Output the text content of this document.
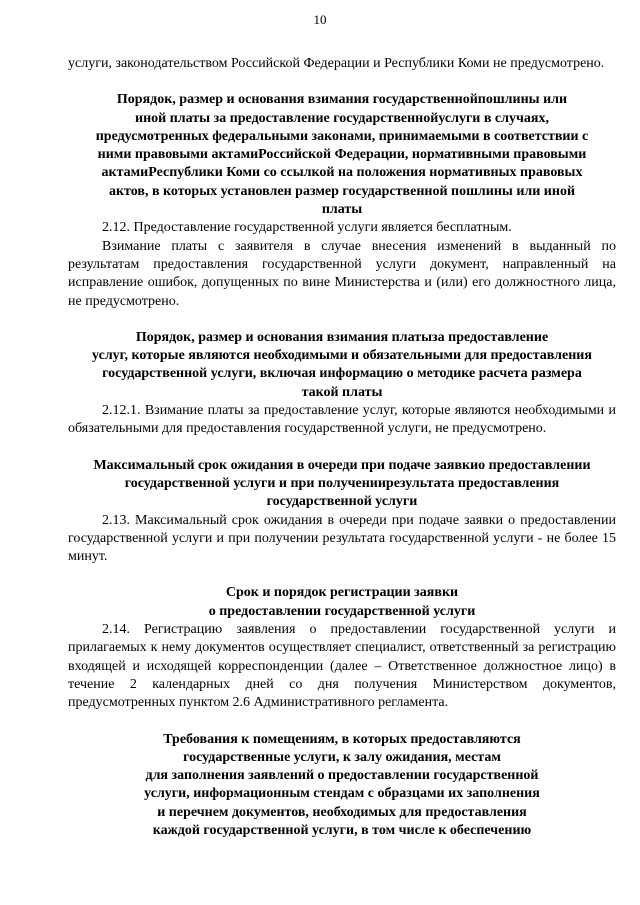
10

услуги, законодательством Российской Федерации и Республики Коми не предусмотрено.

Порядок, размер и основания взимания государственнойпошлины или
иной платы за предоставление государственнойуслуги в случаях,
предусмотренных федеральными законами, принимаемыми в соответствии с
ними правовыми актамиРоссийской Федерации, нормативными правовыми
актамиРеспублики Коми со ссылкой на положения нормативных правовых
актов, в которых установлен размер государственной пошлины или иной
платы

2.12. Предоставление государственной услуги является бесплатным.

Взимание платы с заявителя в случае внесения изменений в выданный по результатам предоставления государственной услуги документ, направленный на исправление ошибок, допущенных по вине Министерства и (или) его должностного лица, не предусмотрено.

Порядок, размер и основания взимания платыза предоставление
услуг, которые являются необходимыми и обязательными для предоставления
государственной услуги, включая информацию о методике расчета размера
такой платы

2.12.1. Взимание платы за предоставление услуг, которые являются необходимыми и обязательными для предоставления государственной услуги, не предусмотрено.

Максимальный срок ожидания в очереди при подаче заявкио предоставлении
государственной услуги и при получениирезультата предоставления
государственной услуги

2.13. Максимальный срок ожидания в очереди при подаче заявки о предоставлении государственной услуги и при получении результата государственной услуги - не более 15 минут.

Срок и порядок регистрации заявки
о предоставлении государственной услуги

2.14. Регистрацию заявления о предоставлении государственной услуги и прилагаемых к нему документов осуществляет специалист, ответственный за регистрацию входящей и исходящей корреспонденции (далее – Ответственное должностное лицо) в течение 2 календарных дней со дня получения Министерством документов, предусмотренных пунктом 2.6 Административного регламента.

Требования к помещениям, в которых предоставляются
государственные услуги, к залу ожидания, местам
для заполнения заявлений о предоставлении государственной
услуги, информационным стендам с образцами их заполнения
и перечнем документов, необходимых для предоставления
каждой государственной услуги, в том числе к обеспечению
